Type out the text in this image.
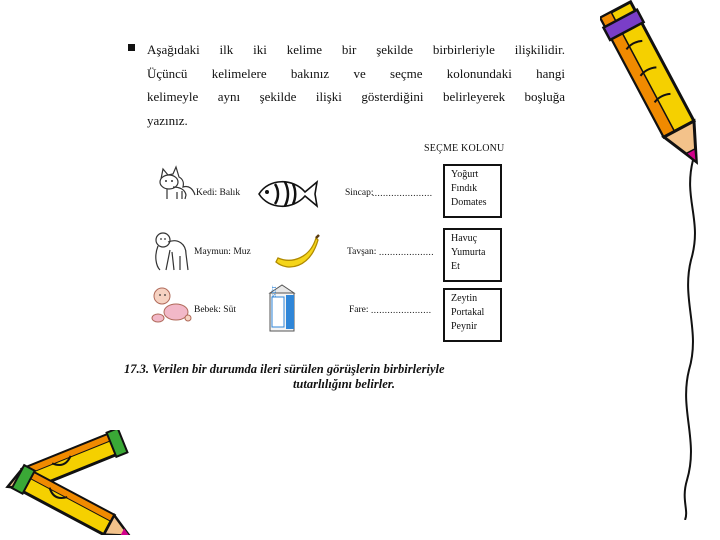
Aşağıdaki ilk iki kelime bir şekilde birbirleriyle ilişkilidir.
Üçüncü kelimelere bakınız ve seçme kolonundaki hangi
kelimeyle aynı şekilde ilişki gösterdiğini belirleyerek boşluğa
yazınız.
SEÇME KOLONU
Kedi: Balık	Sincap:
......................
Yoğurt
Fındık
Domates
Maymun: Muz	Tavşan: ....................
Havuç
Yumurta
Et
Bebek: Süt
SÜT
Fare: ......................
Zeytin
Portakal
Peynir
17.3. Verilen bir durumda ileri sürülen görüşlerin birbirleriyle
tutarlılığını belirler.
